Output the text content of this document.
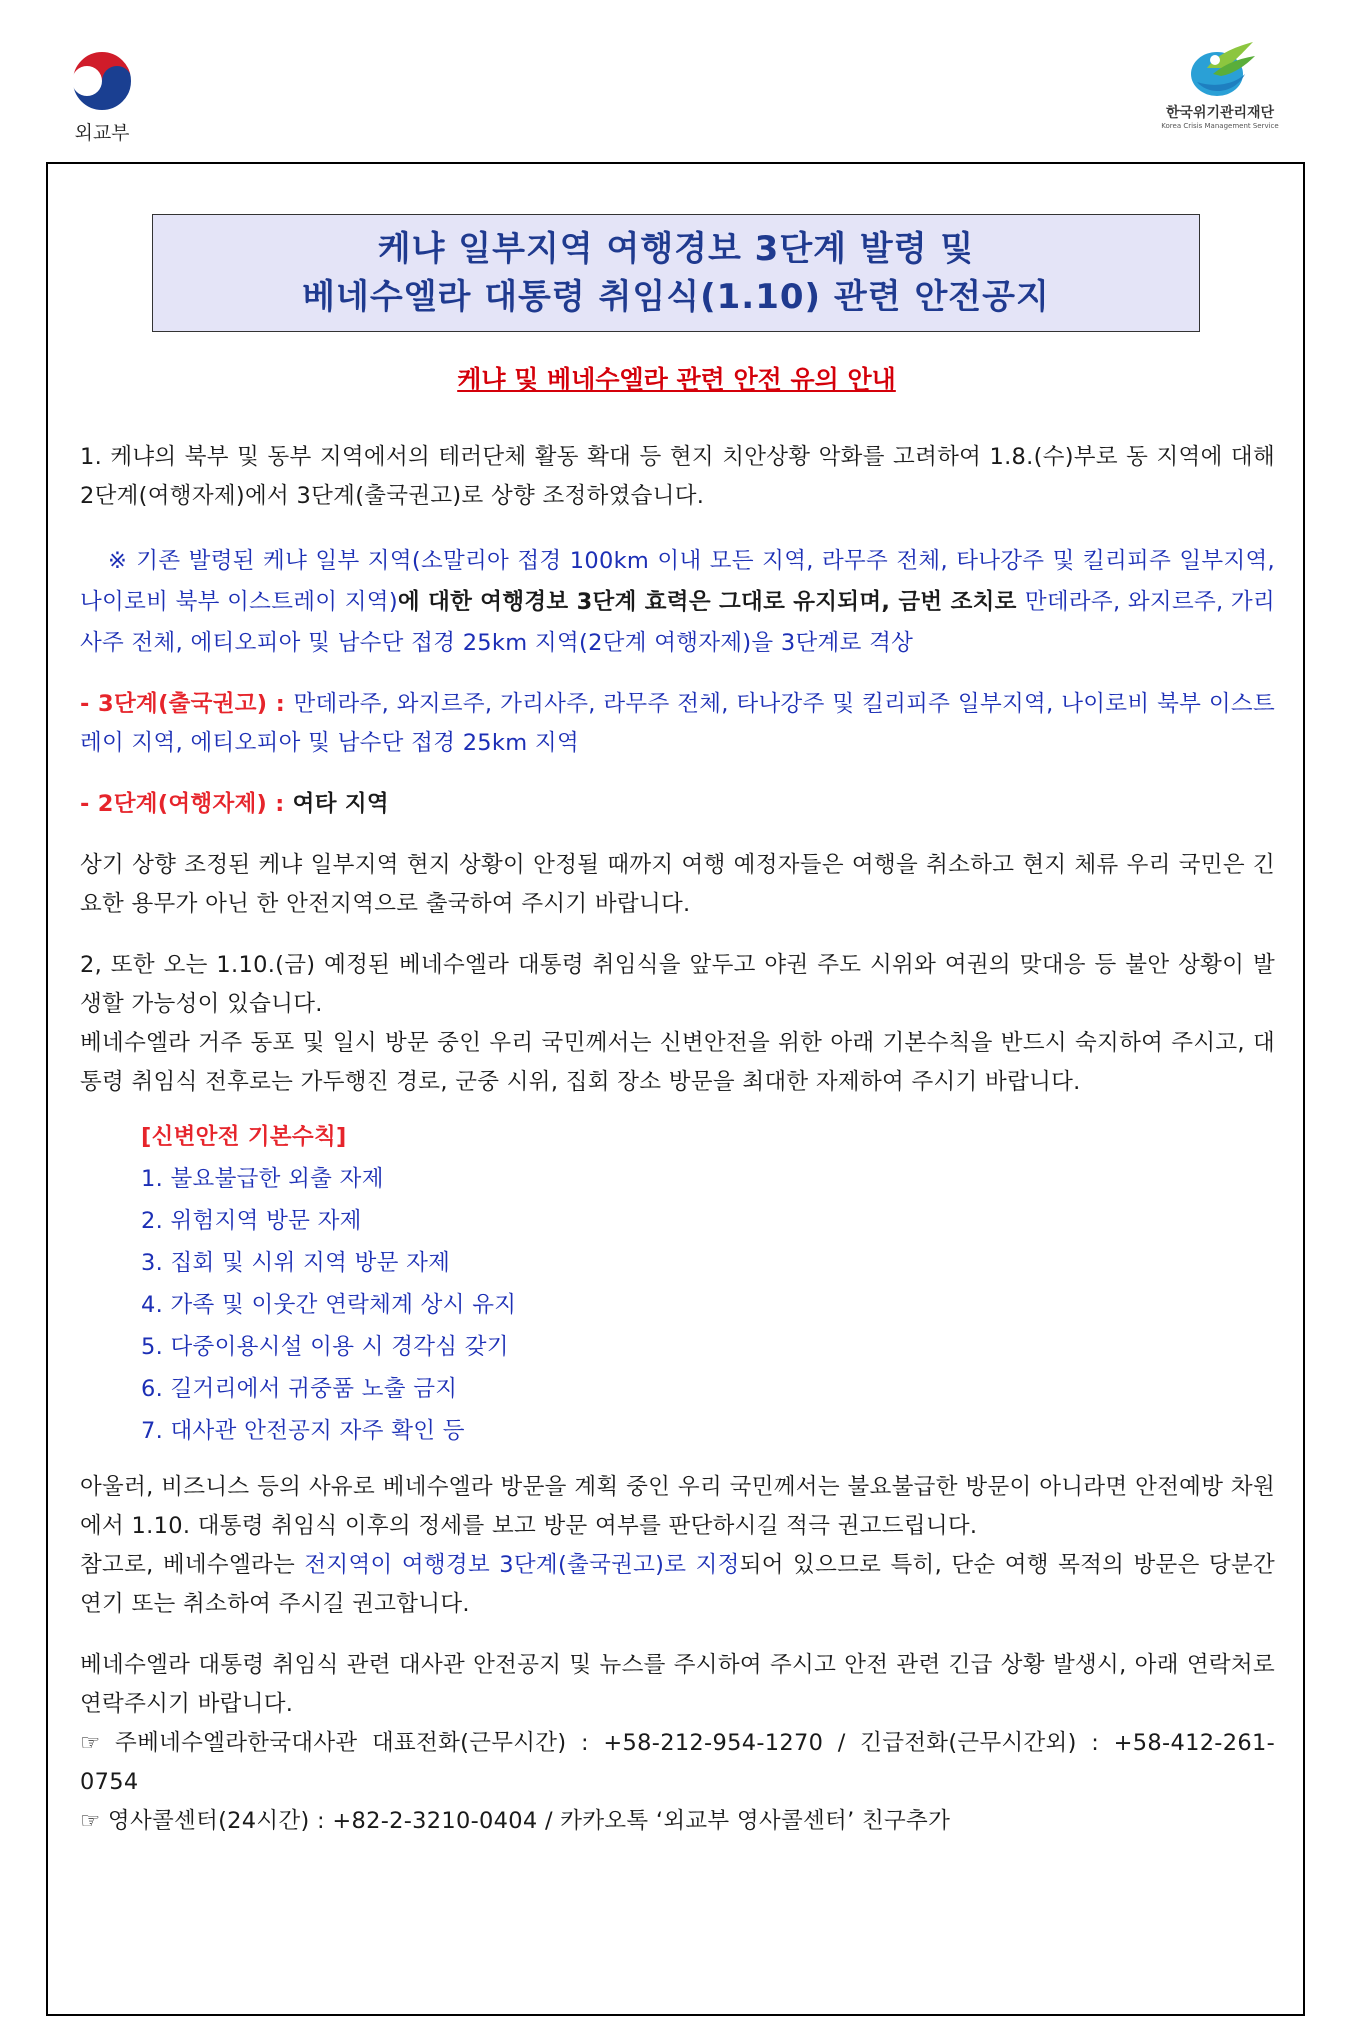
외교부
한국위기관리재단
Korea Crisis Management Service
케냐 일부지역 여행경보 3단계 발령 및
베네수엘라 대통령 취임식(1.10) 관련 안전공지
케냐 및 베네수엘라 관련 안전 유의 안내

1. 케냐의 북부 및 동부 지역에서의 테러단체 활동 확대 등 현지 치안상황 악화를 고려하여 1.8.(수)부로 동 지역에 대해 2단계(여행자제)에서 3단계(출국권고)로 상향 조정하였습니다.

※ 기존 발령된 케냐 일부 지역(소말리아 접경 100km 이내 모든 지역, 라무주 전체, 타나강주 및 킬리피주 일부지역, 나이로비 북부 이스트레이 지역)에 대한 여행경보 3단계 효력은 그대로 유지되며, 금번 조치로 만데라주, 와지르주, 가리사주 전체, 에티오피아 및 남수단 접경 25km 지역(2단계 여행자제)을 3단계로 격상

- 3단계(출국권고) : 만데라주, 와지르주, 가리사주, 라무주 전체, 타나강주 및 킬리피주 일부지역, 나이로비 북부 이스트레이 지역, 에티오피아 및 남수단 접경 25km 지역

- 2단계(여행자제) : 여타 지역

상기 상향 조정된 케냐 일부지역 현지 상황이 안정될 때까지 여행 예정자들은 여행을 취소하고 현지 체류 우리 국민은 긴요한 용무가 아닌 한 안전지역으로 출국하여 주시기 바랍니다.

2, 또한 오는 1.10.(금) 예정된 베네수엘라 대통령 취임식을 앞두고 야권 주도 시위와 여권의 맞대응 등 불안 상황이 발생할 가능성이 있습니다.

베네수엘라 거주 동포 및 일시 방문 중인 우리 국민께서는 신변안전을 위한 아래 기본수칙을 반드시 숙지하여 주시고, 대통령 취임식 전후로는 가두행진 경로, 군중 시위, 집회 장소 방문을 최대한 자제하여 주시기 바랍니다.

[신변안전 기본수칙]
1. 불요불급한 외출 자제
2. 위험지역 방문 자제
3. 집회 및 시위 지역 방문 자제
4. 가족 및 이웃간 연락체계 상시 유지
5. 다중이용시설 이용 시 경각심 갖기
6. 길거리에서 귀중품 노출 금지
7. 대사관 안전공지 자주 확인 등

아울러, 비즈니스 등의 사유로 베네수엘라 방문을 계획 중인 우리 국민께서는 불요불급한 방문이 아니라면 안전예방 차원에서 1.10. 대통령 취임식 이후의 정세를 보고 방문 여부를 판단하시길 적극 권고드립니다.

참고로, 베네수엘라는 전지역이 여행경보 3단계(출국권고)로 지정되어 있으므로 특히, 단순 여행 목적의 방문은 당분간 연기 또는 취소하여 주시길 권고합니다.

베네수엘라 대통령 취임식 관련 대사관 안전공지 및 뉴스를 주시하여 주시고 안전 관련 긴급 상황 발생시, 아래 연락처로 연락주시기 바랍니다.

☞ 주베네수엘라한국대사관 대표전화(근무시간) : +58-212-954-1270 / 긴급전화(근무시간외) : +58-412-261-0754

☞ 영사콜센터(24시간) : +82-2-3210-0404 / 카카오톡 ‘외교부 영사콜센터’ 친구추가
